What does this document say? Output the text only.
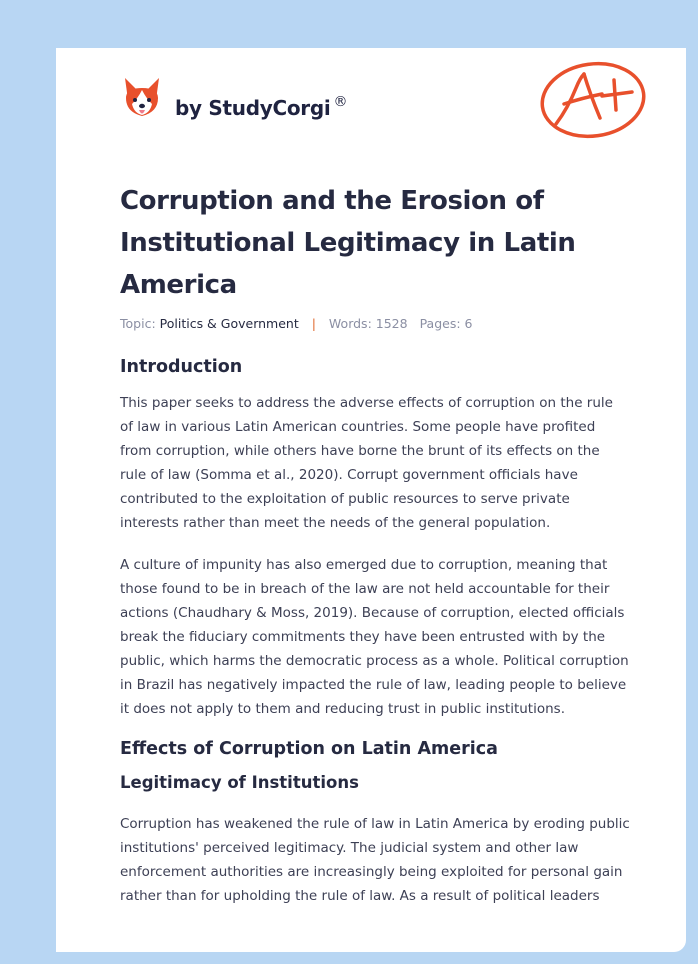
by StudyCorgi ®
Corruption and the Erosion of Institutional Legitimacy in Latin America
Topic: Politics & Government | Words: 1528 Pages: 6
Introduction

This paper seeks to address the adverse effects of corruption on the rule of law in various Latin American countries. Some people have profited from corruption, while others have borne the brunt of its effects on the rule of law (Somma et al., 2020). Corrupt government officials have contributed to the exploitation of public resources to serve private interests rather than meet the needs of the general population.

A culture of impunity has also emerged due to corruption, meaning that those found to be in breach of the law are not held accountable for their actions (Chaudhary & Moss, 2019). Because of corruption, elected officials break the fiduciary commitments they have been entrusted with by the public, which harms the democratic process as a whole. Political corruption in Brazil has negatively impacted the rule of law, leading people to believe it does not apply to them and reducing trust in public institutions.

Effects of Corruption on Latin America
Legitimacy of Institutions

Corruption has weakened the rule of law in Latin America by eroding public institutions' perceived legitimacy. The judicial system and other law enforcement authorities are increasingly being exploited for personal gain rather than for upholding the rule of law. As a result of political leaders
